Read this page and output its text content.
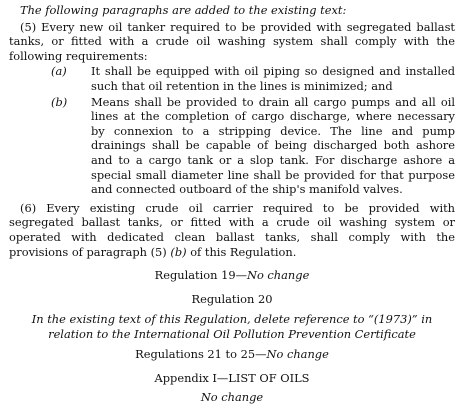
The following paragraphs are added to the existing text:

(5) Every new oil tanker required to be provided with segregated ballast tanks, or fitted with a crude oil washing system shall comply with the following requirements:

(a)	It shall be equipped with oil piping so designed and installed such that oil retention in the lines is minimized; and
(b)	Means shall be provided to drain all cargo pumps and all oil lines at the completion of cargo discharge, where necessary by connexion to a stripping device. The line and pump drainings shall be capable of being discharged both ashore and to a cargo tank or a slop tank. For discharge ashore a special small diameter line shall be provided for that purpose and connected outboard of the ship's manifold valves.

(6) Every existing crude oil carrier required to be provided with segregated ballast tanks, or fitted with a crude oil washing system or operated with dedicated clean ballast tanks, shall comply with the provisions of paragraph (5) (b) of this Regulation.

Regulation 19—No change

Regulation 20

In the existing text of this Regulation, delete reference to “(1973)” in relation to the International Oil Pollution Prevention Certificate

Regulations 21 to 25—No change

Appendix I—LIST OF OILS

No change
